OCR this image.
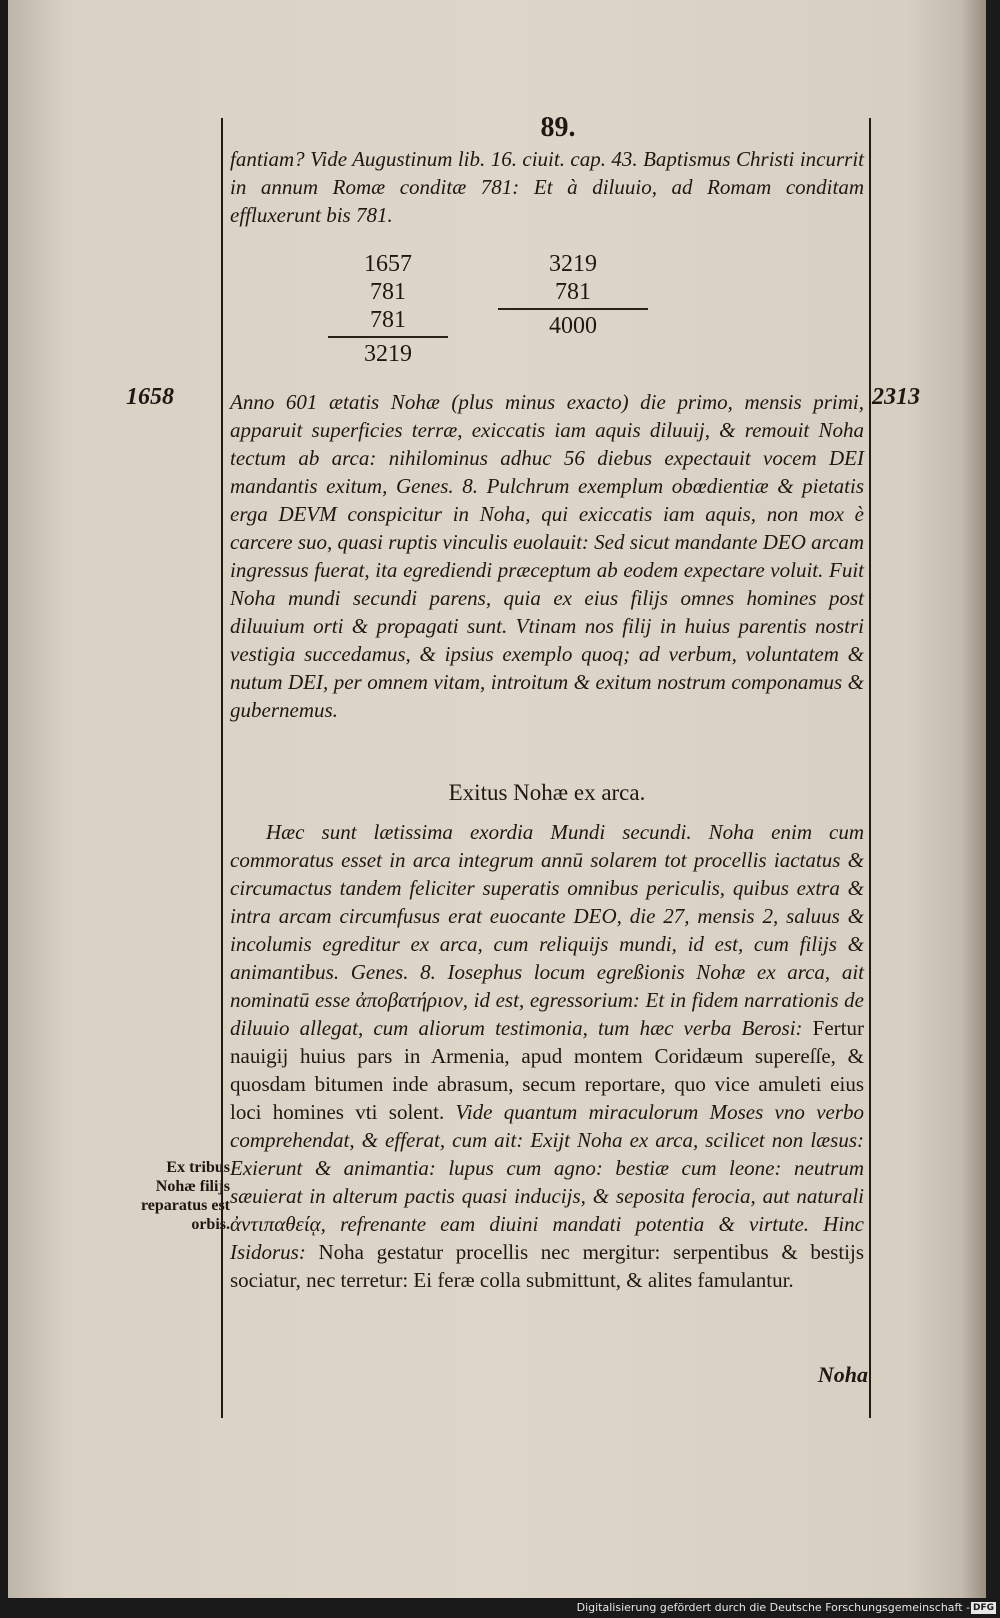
89.

fantiam? Vide Augustinum lib. 16. ciuit. cap. 43. Baptismus Christi incurrit in annum Romæ conditæ 781: Et à diluuio, ad Romam conditam effluxerunt bis 781.

1657
781
781
3219
3219
781
4000
1658	2313

Anno 601 ætatis Nohæ (plus minus exacto) die primo, mensis primi, apparuit superficies terræ, exiccatis iam aquis diluuij, & remouit Noha tectum ab arca: nihilominus adhuc 56 diebus expectauit vocem DEI mandantis exitum, Genes. 8. Pulchrum exemplum obœdientiæ & pietatis erga DEVM conspicitur in Noha, qui exiccatis iam aquis, non mox è carcere suo, quasi ruptis vinculis euolauit: Sed sicut mandante DEO arcam ingressus fuerat, ita egrediendi præceptum ab eodem expectare voluit. Fuit Noha mundi secundi parens, quia ex eius filijs omnes homines post diluuium orti & propagati sunt. Vtinam nos filij in huius parentis nostri vestigia succedamus, & ipsius exemplo quoq; ad verbum, voluntatem & nutum DEI, per omnem vitam, introitum & exitum nostrum componamus & gubernemus.

Exitus Nohæ ex arca.

Hæc sunt lætissima exordia Mundi secundi. Noha enim cum commoratus esset in arca integrum annū solarem tot procellis iactatus & circumactus tandem feliciter superatis omnibus periculis, quibus extra & intra arcam circumfusus erat euocante DEO, die 27, mensis 2, saluus & incolumis egreditur ex arca, cum reliquijs mundi, id est, cum filijs & animantibus. Genes. 8. Iosephus locum egreßionis Nohæ ex arca, ait nominatū esse ἀποβατήριον, id est, egressorium: Et in fidem narrationis de diluuio allegat, cum aliorum testimonia, tum hæc verba Berosi: Fertur nauigij huius pars in Armenia, apud montem Coridæum supereſſe, & quosdam bitumen inde abrasum, secum reportare, quo vice amuleti eius loci homines vti solent. Vide quantum miraculorum Moses vno verbo comprehendat, & efferat, cum ait: Exijt Noha ex arca, scilicet non læsus: Exierunt & animantia: lupus cum agno: bestiæ cum leone: neutrum sæuierat in alterum pactis quasi inducijs, & seposita ferocia, aut naturali ἀντιπαθείᾳ, refrenante eam diuini mandati potentia & virtute. Hinc Isidorus: Noha gestatur procellis nec mergitur: serpentibus & bestijs sociatur, nec terretur: Ei feræ colla submittunt, & alites famulantur.

Ex tribus
Nohæ filijs
reparatus est
orbis.
Noha
Digitalisierung gefördert durch die Deutsche Forschungsgemeinschaft - DFG
